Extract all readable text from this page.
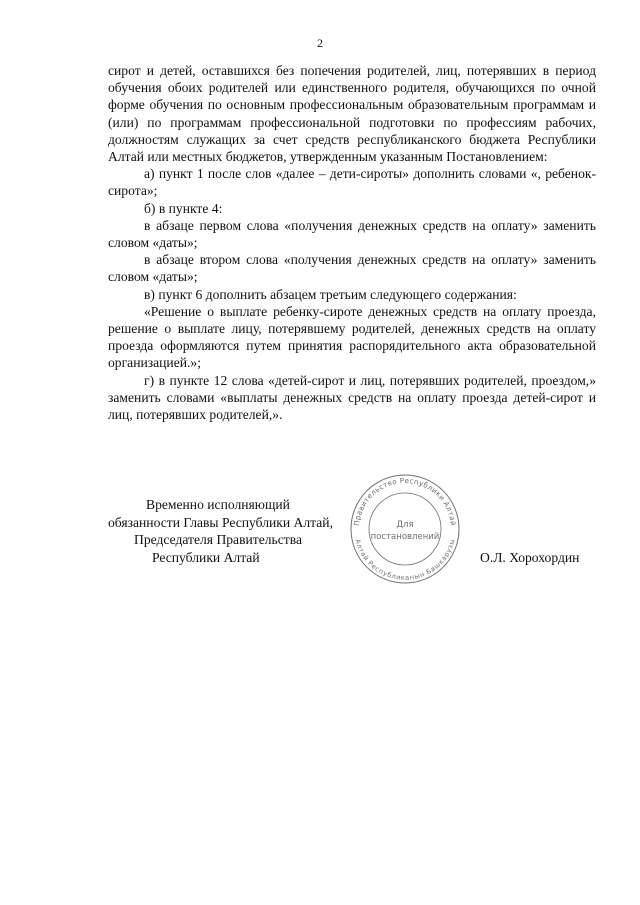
2

сирот и детей, оставшихся без попечения родителей, лиц, потерявших в период обучения обоих родителей или единственного родителя, обучающихся по очной форме обучения по основным профессиональным образовательным программам и (или) по программам профессиональной подготовки по профессиям рабочих, должностям служащих за счет средств республиканского бюджета Республики Алтай или местных бюджетов, утвержденным указанным Постановлением:

а) пункт 1 после слов «далее – дети-сироты» дополнить словами «, ребенок-сирота»;

б) в пункте 4:

в абзаце первом слова «получения денежных средств на оплату» заменить словом «даты»;

в абзаце втором слова «получения денежных средств на оплату» заменить словом «даты»;

в) пункт 6 дополнить абзацем третьим следующего содержания:

«Решение о выплате ребенку-сироте денежных средств на оплату проезда, решение о выплате лицу, потерявшему родителей, денежных средств на оплату проезда оформляются путем принятия распорядительного акта образовательной организацией.»;

г) в пункте 12 слова «детей-сирот и лиц, потерявших родителей, проездом,» заменить словами «выплаты денежных средств на оплату проезда детей-сирот и лиц, потерявших родителей,».

Временно исполняющий
обязанности Главы Республики Алтай,
Председателя Правительства
Республики Алтай	О.Л. Хорохордин
Правительство Республики Алтай
Алтай Республиканын Башкарузы
Для
постановлений
